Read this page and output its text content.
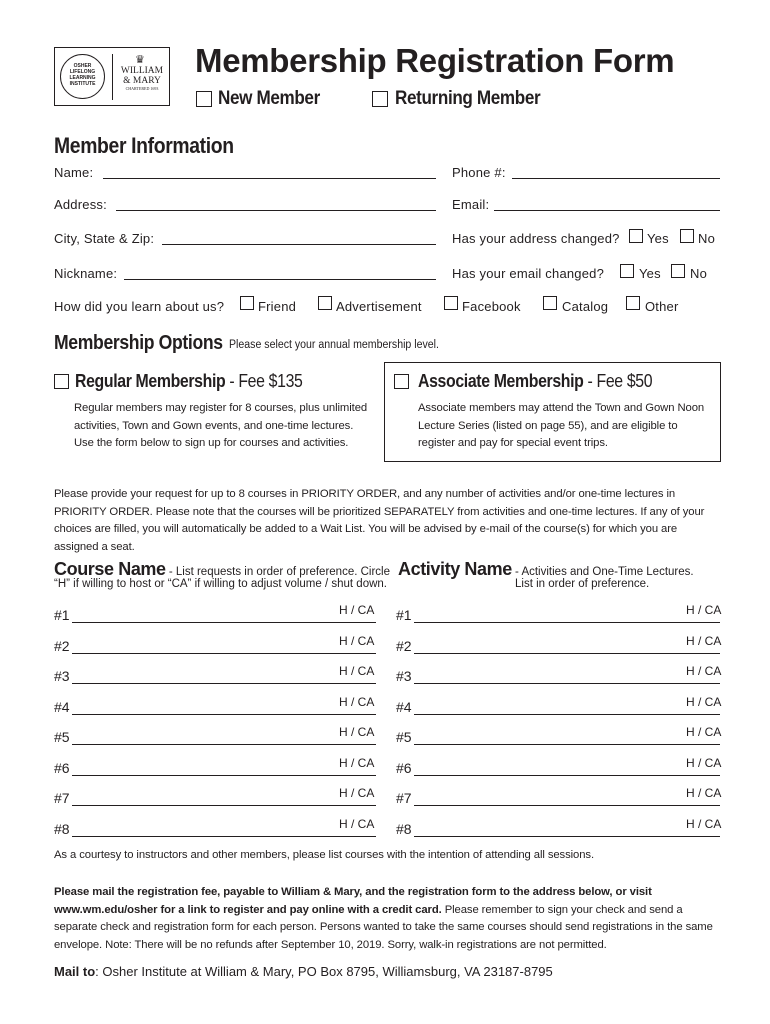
OSHER LIFELONG LEARNING INSTITUTE
♛
WILLIAM
& MARY
CHARTERED 1693
Membership Registration Form
New Member	Returning Member
Member Information
Name:	Phone #:
Address:	Email:
City, State & Zip:	Has your address changed? Yes No
Nickname:	Has your email changed?	Yes No
How did you learn about us?	Friend	Advertisement	Facebook	Catalog	Other
Membership Options Please select your annual membership level.
Regular Membership - Fee $135
Regular members may register for 8 courses, plus unlimited activities, Town and Gown events, and one-time lectures. Use the form below to sign up for courses and activities.
Associate Membership - Fee $50
Associate members may attend the Town and Gown Noon Lecture Series (listed on page 55), and are eligible to register and pay for special event trips.
Please provide your request for up to 8 courses in PRIORITY ORDER, and any number of activities and/or one-time lectures in PRIORITY ORDER. Please note that the courses will be prioritized SEPARATELY from activities and one-time lectures. If any of your choices are filled, you will automatically be added to a Wait List. You will be advised by e-mail of the course(s) for which you are assigned a seat.
Course Name - List requests in order of preference. Circle
“H” if willing to host or “CA” if willing to adjust volume / shut down.
Activity Name - Activities and One-Time Lectures.
List in order of preference.
#1	H / CA
#2	H / CA
#3	H / CA
#4	H / CA
#5	H / CA
#6	H / CA
#7	H / CA
#8	H / CA
#1	H / CA
#2	H / CA
#3	H / CA
#4	H / CA
#5	H / CA
#6	H / CA
#7	H / CA
#8	H / CA
As a courtesy to instructors and other members, please list courses with the intention of attending all sessions.
Please mail the registration fee, payable to William & Mary, and the registration form to the address below, or visit www.wm.edu/osher for a link to register and pay online with a credit card. Please remember to sign your check and send a separate check and registration form for each person. Persons wanted to take the same courses should send registrations in the same envelope. Note: There will be no refunds after September 10, 2019. Sorry, walk-in registrations are not permitted.
Mail to: Osher Institute at William & Mary, PO Box 8795, Williamsburg, VA 23187-8795
